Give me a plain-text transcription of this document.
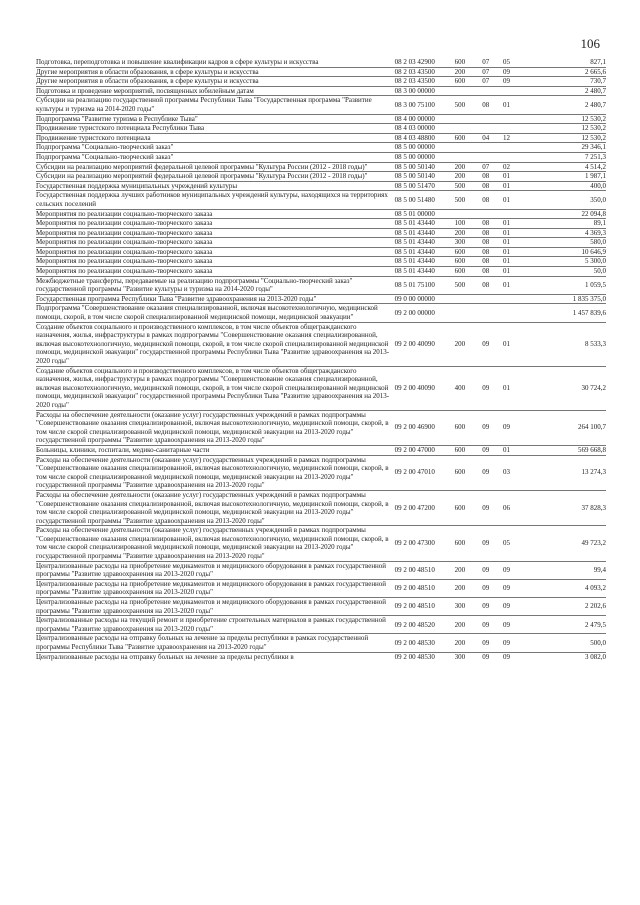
106
Подготовка, переподготовка и повышение квалификации кадров в сфере культуры и искусства	08 2 03 42900	600	07	05	827,1
Другие мероприятия в области образования, в сфере культуры и искусства	08 2 03 43500	200	07	09	2 665,6
Другие мероприятия в области образования, в сфере культуры и искусства	08 2 03 43500	600	07	09	730,7
Подготовка и проведение мероприятий, посвященных юбилейным датам	08 3 00 00000				2 480,7
Субсидии на реализацию государственной программы Республики Тыва "Государственная программа "Развитие культуры и туризма на 2014-2020 годы"	08 3 00 75100	500	08	01	2 480,7
Подпрограмма "Развитие туризма в Республике Тыва"	08 4 00 00000				12 530,2
Продвижение туристского потенциала Республики Тыва	08 4 03 00000				12 530,2
Продвижение туристского потенциала	08 4 03 48800	600	04	12	12 530,2
Подпрограмма "Социально-творческий заказ"	08 5 00 00000				29 346,1
Подпрограмма "Социально-творческий заказ"	08 5 00 00000				7 251,3
Субсидии на реализацию мероприятий федеральной целевой программы "Культура России (2012 - 2018 годы)"	08 5 00 50140	200	07	02	4 514,2
Субсидии на реализацию мероприятий федеральной целевой программы "Культура России (2012 - 2018 годы)"	08 5 00 50140	200	08	01	1 987,1
Государственная поддержка муниципальных учреждений культуры	08 5 00 51470	500	08	01	400,0
Государственная поддержка лучших работников муниципальных учреждений культуры, находящихся на территориях сельских поселений	08 5 00 51480	500	08	01	350,0
Мероприятия по реализации социально-творческого заказа	08 5 01 00000				22 094,8
Мероприятия по реализации социально-творческого заказа	08 5 01 43440	100	08	01	89,1
Мероприятия по реализации социально-творческого заказа	08 5 01 43440	200	08	01	4 369,3
Мероприятия по реализации социально-творческого заказа	08 5 01 43440	300	08	01	580,0
Мероприятия по реализации социально-творческого заказа	08 5 01 43440	600	08	01	10 646,9
Мероприятия по реализации социально-творческого заказа	08 5 01 43440	600	08	01	5 300,0
Мероприятия по реализации социально-творческого заказа	08 5 01 43440	600	08	01	50,0
Межбюджетные трансферты, передаваемые на реализацию подпрограммы "Социально-творческий заказ" государственной программы "Развитие культуры и туризма на 2014-2020 годы"	08 5 01 75100	500	08	01	1 059,5
Государственная программа Республики Тыва "Развитие здравоохранения на 2013-2020 годы"	09 0 00 00000				1 835 375,0
Подпрограмма "Совершенствование оказания специализированной, включая высокотехнологичную, медицинской помощи, скорой, в том числе скорой специализированной медицинской помощи, медицинской эвакуации"	09 2 00 00000				1 457 839,6
Создание объектов социального и производственного комплексов, в том числе объектов общегражданского назначения, жилья, инфраструктуры в рамках подпрограммы "Совершенствование оказания специализированной, включая высокотехнологичную, медицинской помощи, скорой, в том числе скорой специализированной медицинской помощи, медицинской эвакуации" государственной программы Республики Тыва "Развитие здравоохранения на 2013-2020 годы"	09 2 00 40090	200	09	01	8 533,3
Создание объектов социального и производственного комплексов, в том числе объектов общегражданского назначения, жилья, инфраструктуры в рамках подпрограммы "Совершенствование оказания специализированной, включая высокотехнологичную, медицинской помощи, скорой, в том числе скорой специализированной медицинской помощи, медицинской эвакуации" государственной программы Республики Тыва "Развитие здравоохранения на 2013-2020 годы"	09 2 00 40090	400	09	01	30 724,2
Расходы на обеспечение деятельности (оказание услуг) государственных учреждений в рамках подпрограммы "Совершенствование оказания специализированной, включая высокотехнологичную, медицинской помощи, скорой, в том числе скорой специализированной медицинской помощи, медицинской эвакуации на 2013-2020 годы" государственной программы "Развитие здравоохранения на 2013-2020 годы"	09 2 00 46900	600	09	09	264 100,7
Больницы, клиники, госпитали, медико-санитарные части	09 2 00 47000	600	09	01	569 668,8
Расходы на обеспечение деятельности (оказание услуг) государственных учреждений в рамках подпрограммы "Совершенствование оказания специализированной, включая высокотехнологичную, медицинской помощи, скорой, в том числе скорой специализированной медицинской помощи, медицинской эвакуации на 2013-2020 годы" государственной программы "Развитие здравоохранения на 2013-2020 годы"	09 2 00 47010	600	09	03	13 274,3
Расходы на обеспечение деятельности (оказание услуг) государственных учреждений в рамках подпрограммы "Совершенствование оказания специализированной, включая высокотехнологичную, медицинской помощи, скорой, в том числе скорой специализированной медицинской помощи, медицинской эвакуации на 2013-2020 годы" государственной программы "Развитие здравоохранения на 2013-2020 годы"	09 2 00 47200	600	09	06	37 828,3
Расходы на обеспечение деятельности (оказание услуг) государственных учреждений в рамках подпрограммы "Совершенствование оказания специализированной, включая высокотехнологичную, медицинской помощи, скорой, в том числе скорой специализированной медицинской помощи, медицинской эвакуации на 2013-2020 годы" государственной программы "Развитие здравоохранения на 2013-2020 годы"	09 2 00 47300	600	09	05	49 723,2
Централизованные расходы на приобретение медикаментов и медицинского оборудования в рамках государственной программы "Развитие здравоохранения на 2013-2020 годы"	09 2 00 48510	200	09	09	99,4
Централизованные расходы на приобретение медикаментов и медицинского оборудования в рамках государственной программы "Развитие здравоохранения на 2013-2020 годы"	09 2 00 48510	200	09	09	4 093,2
Централизованные расходы на приобретение медикаментов и медицинского оборудования в рамках государственной программы "Развитие здравоохранения на 2013-2020 годы"	09 2 00 48510	300	09	09	2 202,6
Централизованные расходы на текущий ремонт и приобретение строительных материалов в рамках государственной программы "Развитие здравоохранения на 2013-2020 годы"	09 2 00 48520	200	09	09	2 479,5
Централизованные расходы на отправку больных на лечение за пределы республики в рамках государственной программы Республики Тыва "Развитие здравоохранения на 2013-2020 годы"	09 2 00 48530	200	09	09	500,0
Централизованные расходы на отправку больных на лечение за пределы республики в	09 2 00 48530	300	09	09	3 082,0
